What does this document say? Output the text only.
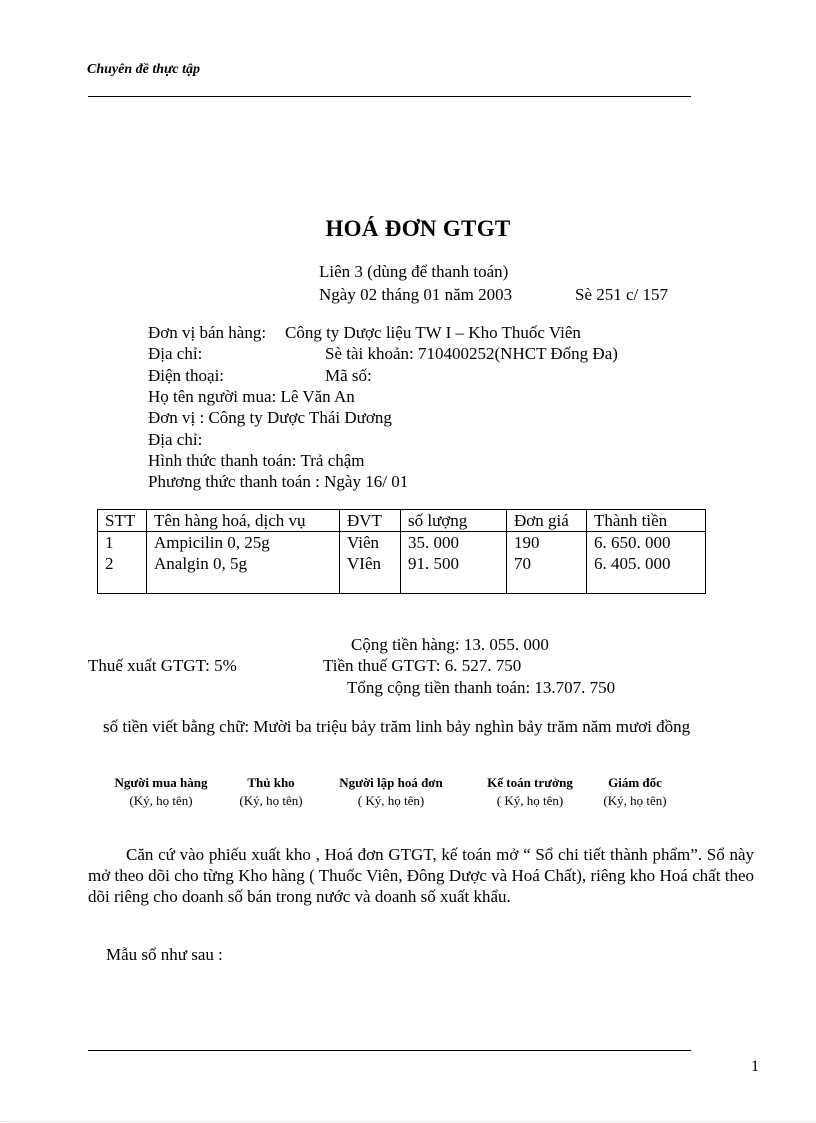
Chuyên đề thực tập
HOÁ ĐƠN GTGT
Liên 3 (dùng để thanh toán)
Ngày 02 tháng 01 năm 2003	Sè 251 c/ 157
Đơn vị bán hàng: Công ty Dược liệu TW I – Kho Thuốc Viên
Địa chỉ:	Sè tài khoản: 710400252(NHCT Đống Đa)
Điện thoại:	Mã số:
Họ tên người mua: Lê Văn An
Đơn vị : Công ty Dược Thái Dương
Địa chỉ:
Hình thức thanh toán: Trả chậm
Phương thức thanh toán : Ngày 16/ 01
STT	Tên hàng hoá, dịch vụ	ĐVT	số lượng	Đơn giá	Thành tiền
1	Ampicilin 0, 25g	Viên	35. 000	190	6. 650. 000
2	Analgin 0, 5g	VIên	91. 500	70	6. 405. 000
Cộng tiền hàng: 13. 055. 000
Thuế xuất GTGT: 5%	Tiền thuế GTGT: 6. 527. 750
Tổng cộng tiền thanh toán: 13.707. 750
số tiền viết bằng chữ: Mười ba triệu bảy trăm linh bảy nghìn bảy trăm năm mươi đồng
Người mua hàng
(Ký, họ tên)
Thủ kho
(Ký, họ tên)
Người lập hoá đơn
( Ký, họ tên)
Kế toán trưởng
( Ký, họ tên)
Giám đốc
(Ký, họ tên)
Căn cứ vào phiếu xuất kho , Hoá đơn GTGT, kế toán mở “ Sổ chi tiết thành phẩm”. Sổ này mở theo dõi cho từng Kho hàng ( Thuốc Viên, Đông Dược và Hoá Chất), riêng kho Hoá chất theo dõi riêng cho doanh số bán trong nước và doanh số xuất khẩu.
Mẫu sổ như sau :
1
